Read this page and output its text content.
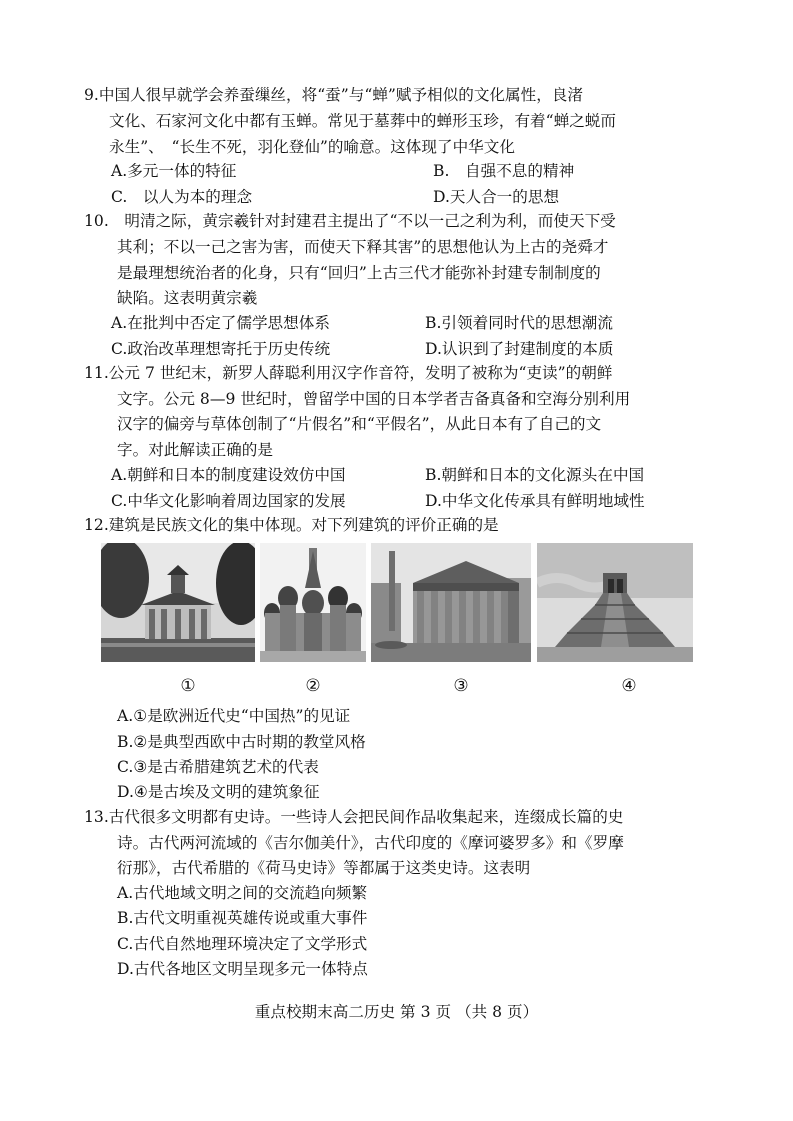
9.中国人很早就学会养蚕缫丝，将“蚕”与“蝉”赋予相似的文化属性，良渚
文化、石家河文化中都有玉蝉。常见于墓葬中的蝉形玉珍，有着“蝉之蜕而
永生”、　“长生不死，羽化登仙”的喻意。这体现了中华文化
A.多元一体的特征	B.　自强不息的精神
C.　以人为本的理念	D.天人合一的思想
10.　明清之际，黄宗羲针对封建君主提出了“不以一己之利为利，而使天下受
其利；不以一己之害为害，而使天下释其害”的思想他认为上古的尧舜才
是最理想统治者的化身，只有“回归”上古三代才能弥补封建专制制度的
缺陷。这表明黄宗羲
A.在批判中否定了儒学思想体系	B.引领着同时代的思想潮流
C.政治改革理想寄托于历史传统	D.认识到了封建制度的本质
11.公元 7 世纪末，新罗人薛聪利用汉字作音符，发明了被称为“吏读”的朝鲜
文字。公元 8—9 世纪时，曾留学中国的日本学者吉备真备和空海分别利用
汉字的偏旁与草体创制了“片假名”和“平假名”，从此日本有了自己的文
字。对此解读正确的是
A.朝鲜和日本的制度建设效仿中国	B.朝鲜和日本的文化源头在中国
C.中华文化影响着周边国家的发展	D.中华文化传承具有鲜明地域性
12.建筑是民族文化的集中体现。对下列建筑的评价正确的是
①	②	③	④
A.①是欧洲近代史“中国热”的见证
B.②是典型西欧中古时期的教堂风格
C.③是古希腊建筑艺术的代表
D.④是古埃及文明的建筑象征
13.古代很多文明都有史诗。一些诗人会把民间作品收集起来，连缀成长篇的史
诗。古代两河流域的《吉尔伽美什》，古代印度的《摩诃婆罗多》和《罗摩
衍那》，古代希腊的《荷马史诗》等都属于这类史诗。这表明
A.古代地域文明之间的交流趋向频繁
B.古代文明重视英雄传说或重大事件
C.古代自然地理环境决定了文学形式
D.古代各地区文明呈现多元一体特点
重点校期末高二历史 第 3 页 （共 8 页）
